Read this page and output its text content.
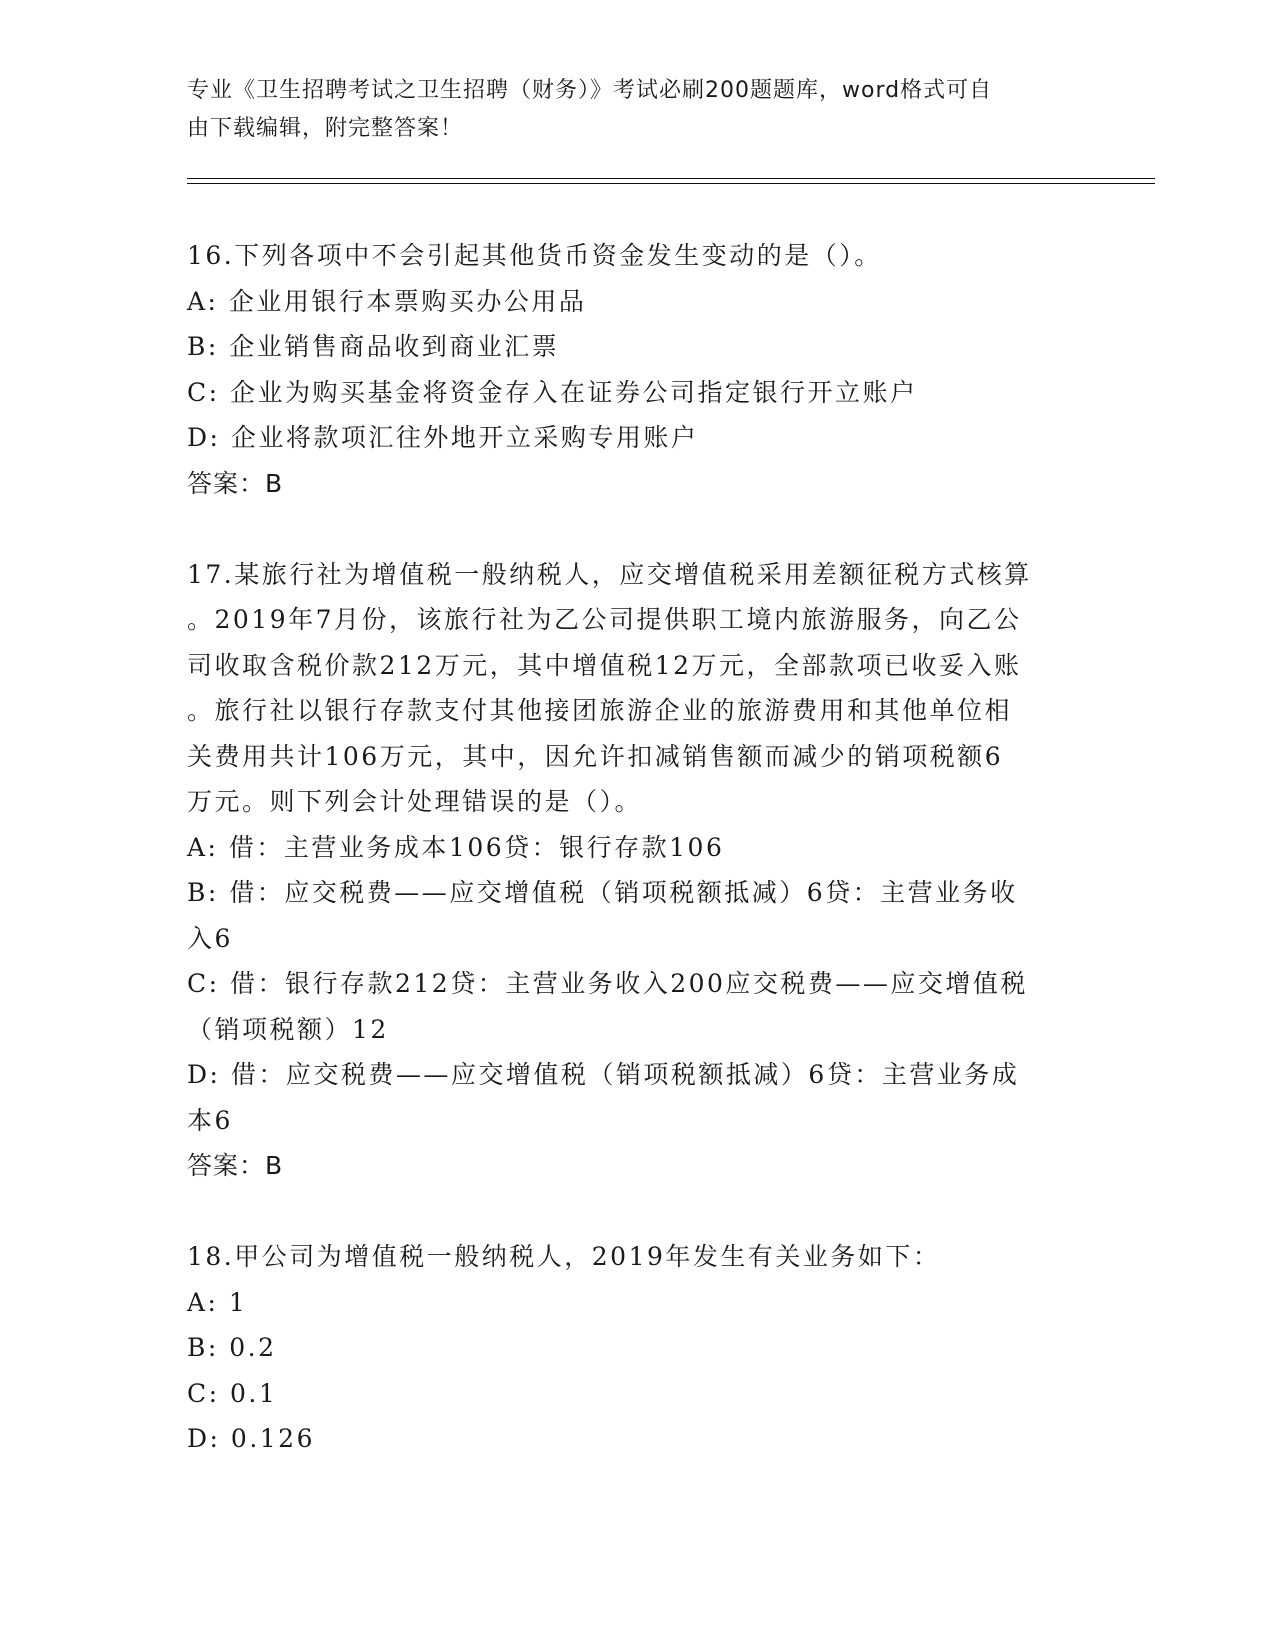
专业《卫生招聘考试之卫生招聘（财务）》考试必刷200题题库，word格式可自
由下载编辑，附完整答案！

16.下列各项中不会引起其他货币资金发生变动的是（）。

A: 企业用银行本票购买办公用品

B: 企业销售商品收到商业汇票

C: 企业为购买基金将资金存入在证券公司指定银行开立账户

D: 企业将款项汇往外地开立采购专用账户

答案：B

17.某旅行社为增值税一般纳税人，应交增值税采用差额征税方式核算

。2019年7月份，该旅行社为乙公司提供职工境内旅游服务，向乙公

司收取含税价款212万元，其中增值税12万元，全部款项已收妥入账

。旅行社以银行存款支付其他接团旅游企业的旅游费用和其他单位相

关费用共计106万元，其中，因允许扣减销售额而减少的销项税额6

万元。则下列会计处理错误的是（）。

A: 借：主营业务成本106贷：银行存款106

B: 借：应交税费——应交增值税（销项税额抵减）6贷：主营业务收

入6

C: 借：银行存款212贷：主营业务收入200应交税费——应交增值税

（销项税额）12

D: 借：应交税费——应交增值税（销项税额抵减）6贷：主营业务成

本6

答案：B

18.甲公司为增值税一般纳税人，2019年发生有关业务如下：

A: 1

B: 0.2

C: 0.1

D: 0.126
